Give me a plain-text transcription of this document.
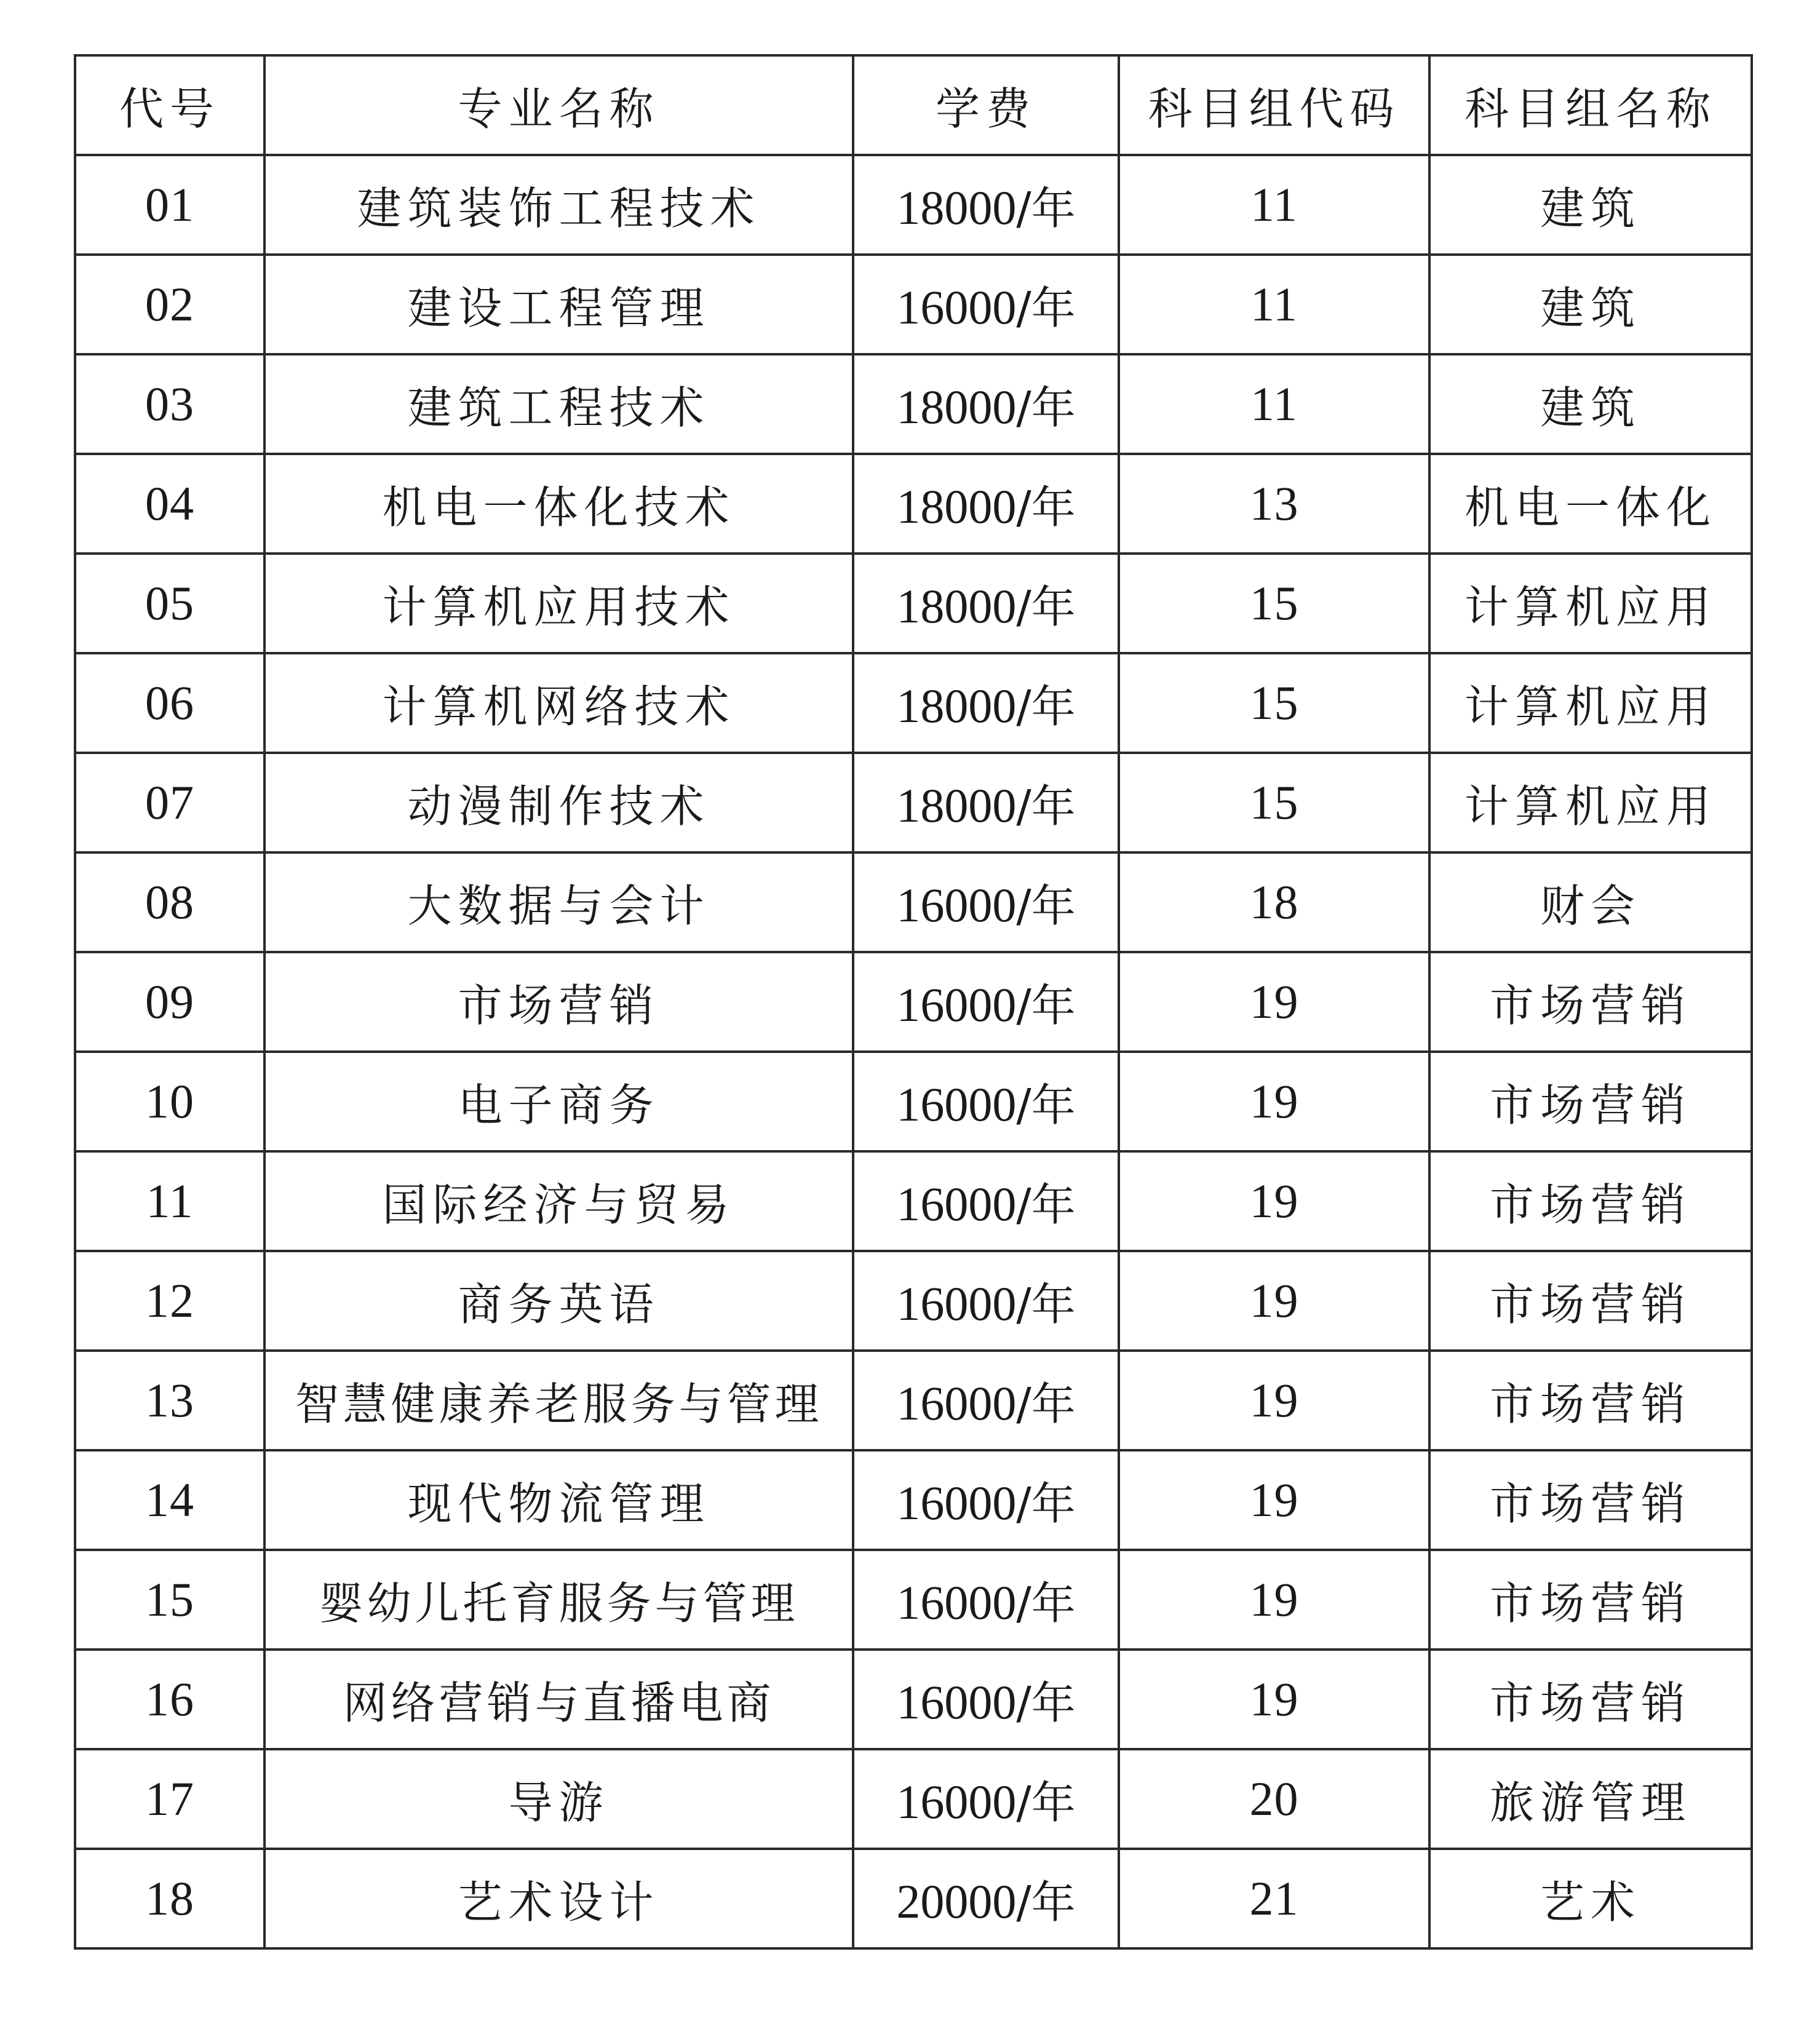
代号	专业名称	学费	科目组代码	科目组名称
01	建筑装饰工程技术	18000/年	11	建筑
02	建设工程管理	16000/年	11	建筑
03	建筑工程技术	18000/年	11	建筑
04	机电一体化技术	18000/年	13	机电一体化
05	计算机应用技术	18000/年	15	计算机应用
06	计算机网络技术	18000/年	15	计算机应用
07	动漫制作技术	18000/年	15	计算机应用
08	大数据与会计	16000/年	18	财会
09	市场营销	16000/年	19	市场营销
10	电子商务	16000/年	19	市场营销
11	国际经济与贸易	16000/年	19	市场营销
12	商务英语	16000/年	19	市场营销
13	智慧健康养老服务与管理	16000/年	19	市场营销
14	现代物流管理	16000/年	19	市场营销
15	婴幼儿托育服务与管理	16000/年	19	市场营销
16	网络营销与直播电商	16000/年	19	市场营销
17	导游	16000/年	20	旅游管理
18	艺术设计	20000/年	21	艺术
